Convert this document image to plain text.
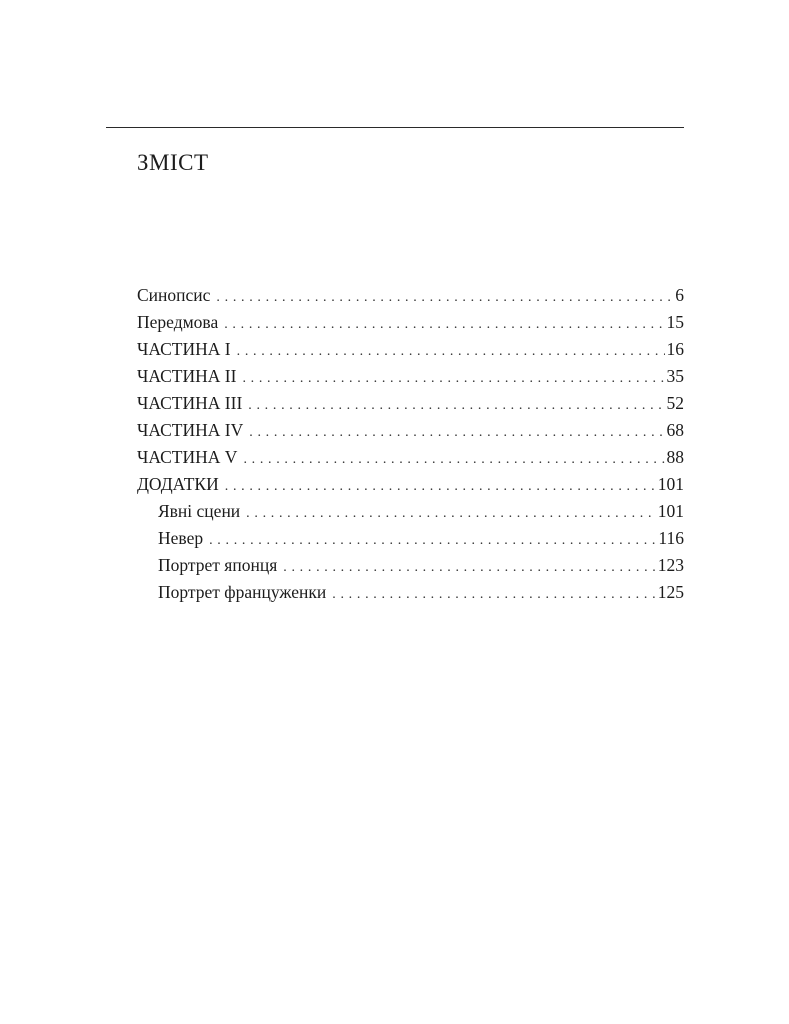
ЗМІСТ
Синопсис . . .	6
Передмова . . .	15
ЧАСТИНА I . . .	16
ЧАСТИНА II . . .	35
ЧАСТИНА III . . .	52
ЧАСТИНА IV . . .	68
ЧАСТИНА V . . .	88
ДОДАТКИ . . .	101
Явні сцени . . .	101
Невер . . .	116
Портрет японця . . .	123
Портрет француженки . . .	125
